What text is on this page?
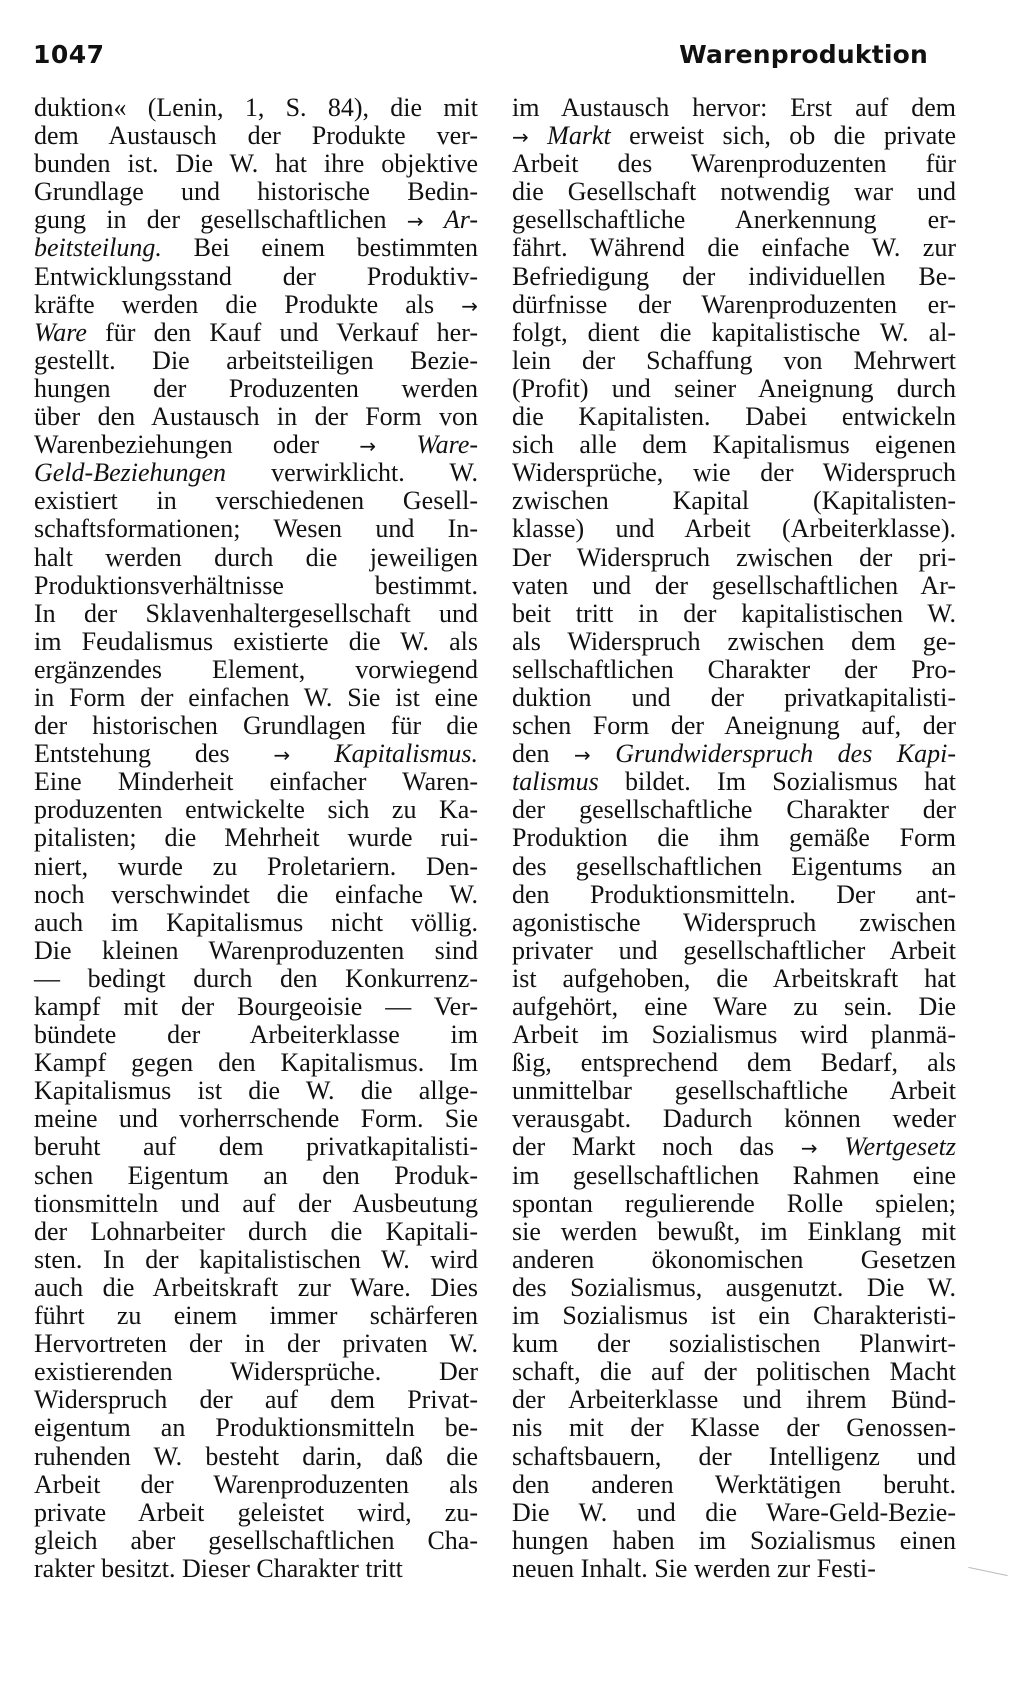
1047	Warenproduktion
duktion« (Lenin, 1, S. 84), die mit
dem Austausch der Produkte ver-
bunden ist. Die W. hat ihre objektive
Grundlage und historische Bedin-
gung in der gesellschaftlichen → Ar-
beitsteilung. Bei einem bestimmten
Entwicklungsstand der Produktiv-
kräfte werden die Produkte als →
Ware für den Kauf und Verkauf her-
gestellt. Die arbeitsteiligen Bezie-
hungen der Produzenten werden
über den Austausch in der Form von
Warenbeziehungen oder → Ware-
Geld-Beziehungen verwirklicht. W.
existiert in verschiedenen Gesell-
schaftsformationen; Wesen und In-
halt werden durch die jeweiligen
Produktionsverhältnisse bestimmt.
In der Sklavenhaltergesellschaft und
im Feudalismus existierte die W. als
ergänzendes Element, vorwiegend
in Form der einfachen W. Sie ist eine
der historischen Grundlagen für die
Entstehung des → Kapitalismus.
Eine Minderheit einfacher Waren-
produzenten entwickelte sich zu Ka-
pitalisten; die Mehrheit wurde rui-
niert, wurde zu Proletariern. Den-
noch verschwindet die einfache W.
auch im Kapitalismus nicht völlig.
Die kleinen Warenproduzenten sind
— bedingt durch den Konkurrenz-
kampf mit der Bourgeoisie — Ver-
bündete der Arbeiterklasse im
Kampf gegen den Kapitalismus. Im
Kapitalismus ist die W. die allge-
meine und vorherrschende Form. Sie
beruht auf dem privatkapitalisti-
schen Eigentum an den Produk-
tionsmitteln und auf der Ausbeutung
der Lohnarbeiter durch die Kapitali-
sten. In der kapitalistischen W. wird
auch die Arbeitskraft zur Ware. Dies
führt zu einem immer schärferen
Hervortreten der in der privaten W.
existierenden Widersprüche. Der
Widerspruch der auf dem Privat-
eigentum an Produktionsmitteln be-
ruhenden W. besteht darin, daß die
Arbeit der Warenproduzenten als
private Arbeit geleistet wird, zu-
gleich aber gesellschaftlichen Cha-
rakter besitzt. Dieser Charakter tritt
im Austausch hervor: Erst auf dem
→ Markt erweist sich, ob die private
Arbeit des Warenproduzenten für
die Gesellschaft notwendig war und
gesellschaftliche Anerkennung er-
fährt. Während die einfache W. zur
Befriedigung der individuellen Be-
dürfnisse der Warenproduzenten er-
folgt, dient die kapitalistische W. al-
lein der Schaffung von Mehrwert
(Profit) und seiner Aneignung durch
die Kapitalisten. Dabei entwickeln
sich alle dem Kapitalismus eigenen
Widersprüche, wie der Widerspruch
zwischen Kapital (Kapitalisten-
klasse) und Arbeit (Arbeiterklasse).
Der Widerspruch zwischen der pri-
vaten und der gesellschaftlichen Ar-
beit tritt in der kapitalistischen W.
als Widerspruch zwischen dem ge-
sellschaftlichen Charakter der Pro-
duktion und der privatkapitalisti-
schen Form der Aneignung auf, der
den → Grundwiderspruch des Kapi-
talismus bildet. Im Sozialismus hat
der gesellschaftliche Charakter der
Produktion die ihm gemäße Form
des gesellschaftlichen Eigentums an
den Produktionsmitteln. Der ant-
agonistische Widerspruch zwischen
privater und gesellschaftlicher Arbeit
ist aufgehoben, die Arbeitskraft hat
aufgehört, eine Ware zu sein. Die
Arbeit im Sozialismus wird planmä-
ßig, entsprechend dem Bedarf, als
unmittelbar gesellschaftliche Arbeit
verausgabt. Dadurch können weder
der Markt noch das → Wertgesetz
im gesellschaftlichen Rahmen eine
spontan regulierende Rolle spielen;
sie werden bewußt, im Einklang mit
anderen ökonomischen Gesetzen
des Sozialismus, ausgenutzt. Die W.
im Sozialismus ist ein Charakteristi-
kum der sozialistischen Planwirt-
schaft, die auf der politischen Macht
der Arbeiterklasse und ihrem Bünd-
nis mit der Klasse der Genossen-
schaftsbauern, der Intelligenz und
den anderen Werktätigen beruht.
Die W. und die Ware-Geld-Bezie-
hungen haben im Sozialismus einen
neuen Inhalt. Sie werden zur Festi-
